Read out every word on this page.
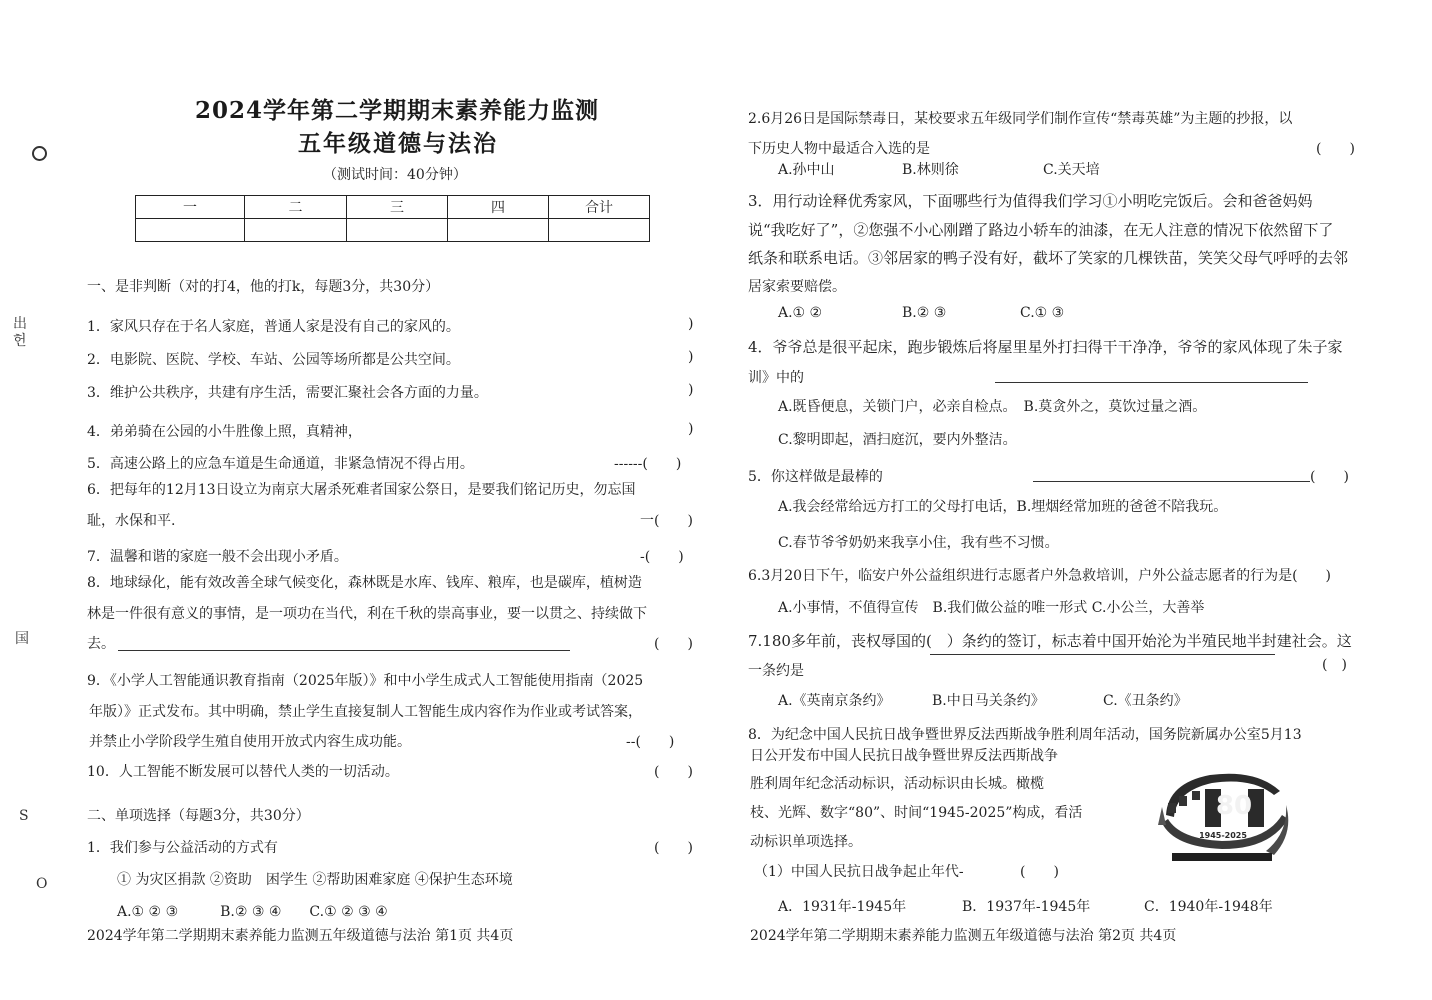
2024学年第二学期期末素养能力监测
五年级道德与法治
（测试时间：40分钟）
一	二	三	四	合计

一、是非判断（对的打4，他的打k，每题3分，共30分）
1．家风只存在于名人家庭，普通人家是没有自己的家风的。	)
2．电影院、医院、学校、车站、公园等场所都是公共空间。	)
3．维护公共秩序，共建有序生活，需要汇聚社会各方面的力量。	)
4．弟弟骑在公园的小牛胜像上照，真精神，	)
5．高速公路上的应急车道是生命通道，非紧急情况不得占用。	------(　　)
6．把每年的12月13日设立为南京大屠杀死难者国家公祭日，是要我们铭记历史，勿忘国
耻，水保和平.	一(　　)
7．温馨和谐的家庭一般不会出现小矛盾。	-(　　)
8．地球绿化，能有效改善全球气候变化，森林既是水库、钱库、粮库，也是碳库，植树造
林是一件很有意义的事情，是一项功在当代，利在千秋的崇高事业，要一以贯之、持续做下
去。	(　　)
9．《小学人工智能通识教育指南（2025年版）》和中小学生成式人工智能使用指南（2025
年版）》正式发布。其中明确，禁止学生直接复制人工智能生成内容作为作业或考试答案，
并禁止小学阶段学生殖自使用开放式内容生成功能。	--(　　)
10．人工智能不断发展可以替代人类的一切活动。	(　　)
二、单项选择（每题3分，共30分）
1．我们参与公益活动的方式有	(　　)
① 为灾区捐款 ②资助　困学生 ②帮助困难家庭 ④保护生态环境
A.① ② ③　　　B.② ③ ④　　C.① ② ③ ④
2024学年第二学期期末素养能力监测五年级道德与法治 第1页 共4页
出
헌
国
S
O
2.6月26日是国际禁毒日，某校要求五年级同学们制作宣传“禁毒英雄”为主题的抄报，以
下历史人物中最适合入选的是	(　　)
A.孙中山	B.林则徐	C.关天培
3．用行动诠释优秀家风，下面哪些行为值得我们学习①小明吃完饭后。会和爸爸妈妈
说“我吃好了”，②您强不小心刚蹭了路边小轿车的油漆，在无人注意的情况下依然留下了
纸条和联系电话。③邻居家的鸭子没有好，截坏了笑家的几棵铁苗，笑笑父母气呼呼的去邻
居家索要赔偿。
A.① ②	B.② ③	C.① ③
4．爷爷总是很平起床，跑步锻炼后将屋里星外打扫得干干净净，爷爷的家风体现了朱子家
训》中的
A.既昏便息，关锁门户，必亲自检点。　B.莫贪外之，莫饮过量之酒。
C.黎明即起，酒扫庭沉，要内外整洁。
5．你这样做是最棒的	(　　)
A.我会经常给远方打工的父母打电话，B.埋烟经常加班的爸爸不陪我玩。
C.春节爷爷奶奶来我享小住，我有些不习惯。
6.3月20日下午，临安户外公益组织进行志愿者户外急救培训，户外公益志愿者的行为是(　　)
A.小事情，不值得宣传　B.我们做公益的唯一形式 C.小公兰，大善举
7.180多年前，丧权辱国的(　）条约的签订，标志着中国开始沦为半殖民地半封建社会。这
一条约是	(　)
A.《英南京条约》	B.中日马关条约》	C.《丑条约》
8．为纪念中国人民抗日战争暨世界反法西斯战争胜利周年活动，国务院新属办公室5月13
日公开发布中国人民抗日战争暨世界反法西斯战争
胜利周年纪念活动标识，活动标识由长城。橄榄
枝、光辉、数字“80”、时间“1945-2025”构成，看活
动标识单项选择。
80
1945-2025
（1）中国人民抗日战争起止年代-	(　　)
A．1931年-1945年	B．1937年-1945年	C．1940年-1948年
2024学年第二学期期末素养能力监测五年级道德与法治 第2页 共4页
